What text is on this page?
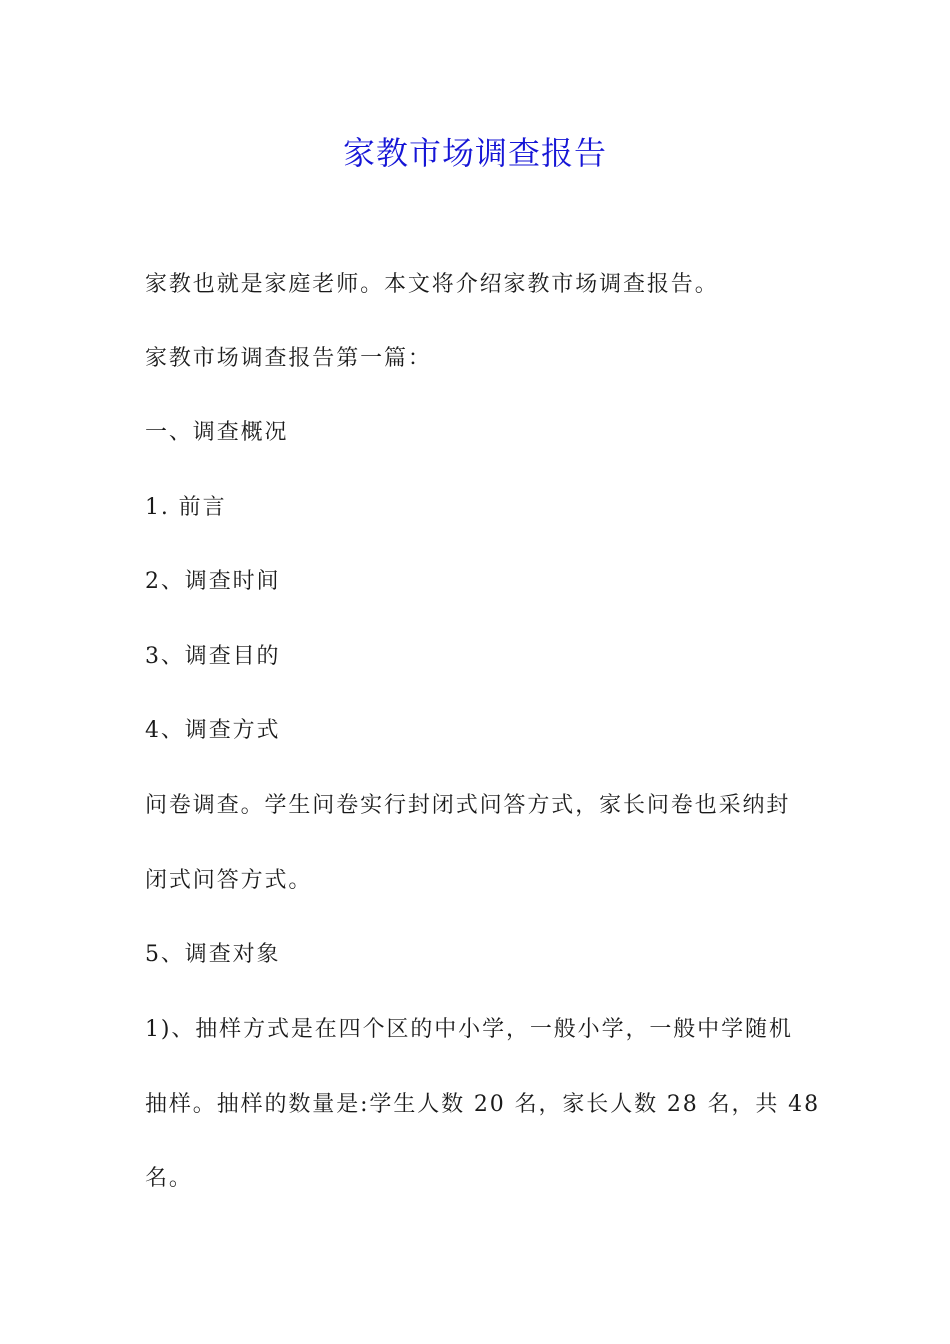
家教市场调查报告
家教也就是家庭老师。本文将介绍家教市场调查报告。
家教市场调查报告第一篇：
一、调查概况
1. 前言
2、调查时间
3、调查目的
4、调查方式
问卷调查。学生问卷实行封闭式问答方式，家长问卷也采纳封
闭式问答方式。
5、调查对象
1)、抽样方式是在四个区的中小学，一般小学，一般中学随机
抽样。抽样的数量是:学生人数 20 名，家长人数 28 名，共 48
名。
